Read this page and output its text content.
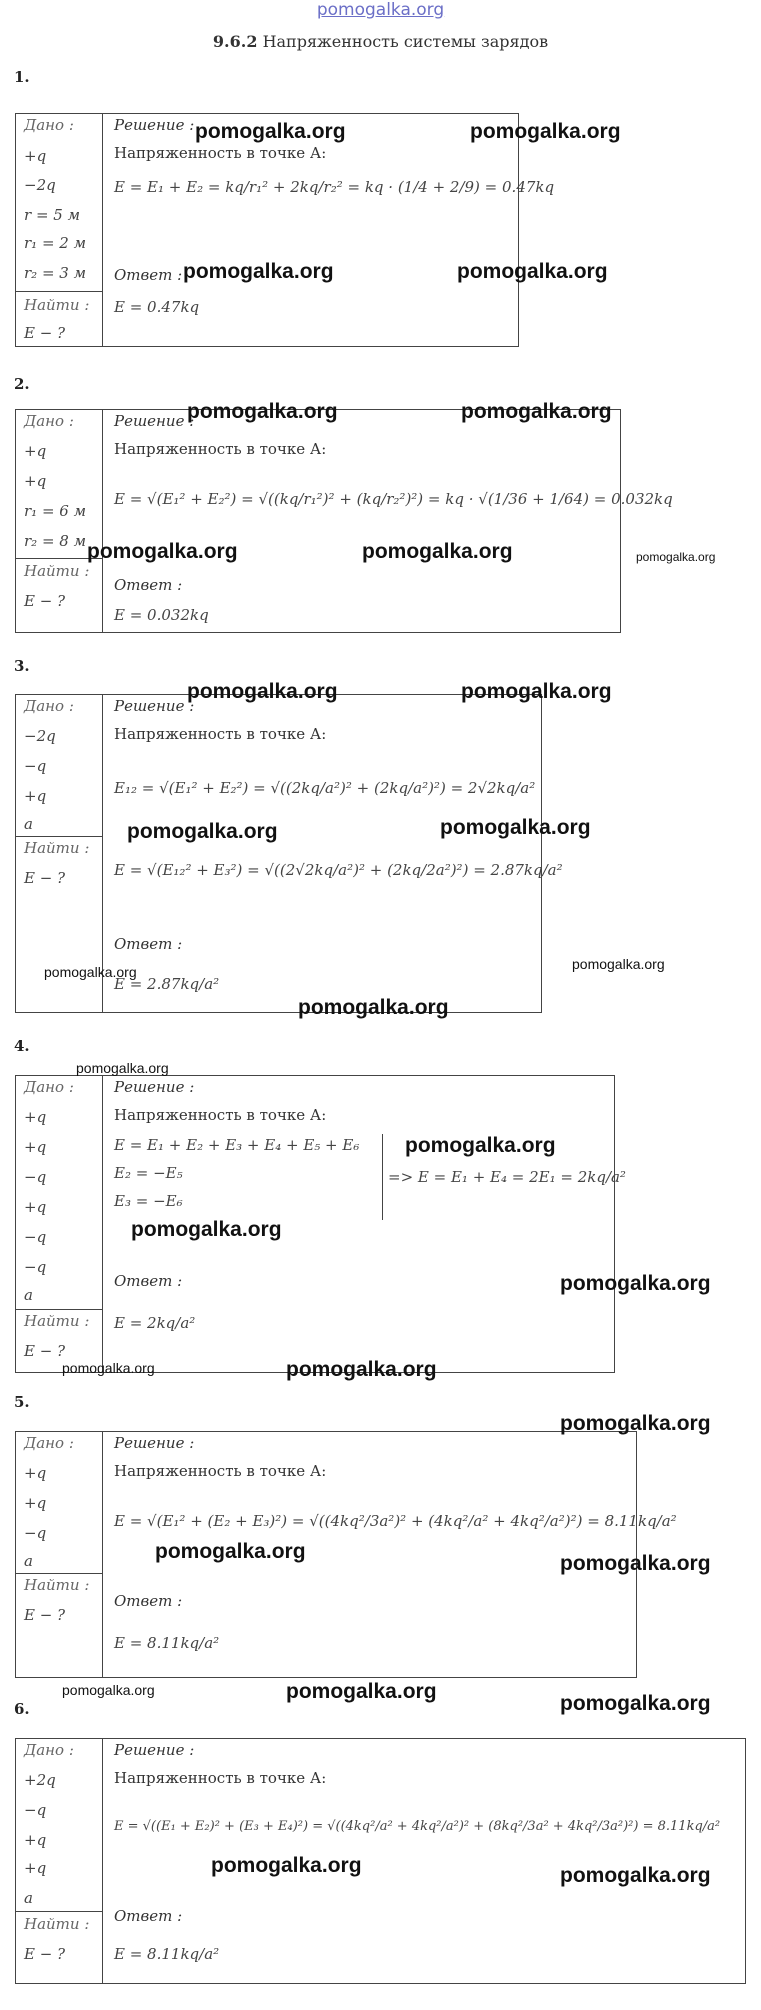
pomogalka.org
9.6.2 Напряженность системы зарядов
1.
Дано :
+q
−2q
r = 5 м
r₁ = 2 м
r₂ = 3 м
Найти :
E − ?
Решение :
Напряженность в точке А:
E = E₁ + E₂ = kq/r₁² + 2kq/r₂² = kq · (1/4 + 2/9) = 0.47kq
Ответ :
E = 0.47kq
2.
Дано :
+q
+q
r₁ = 6 м
r₂ = 8 м
Найти :
E − ?
Решение :
Напряженность в точке А:
E = √(E₁² + E₂²) = √((kq/r₁²)² + (kq/r₂²)²) = kq · √(1/36 + 1/64) = 0.032kq
Ответ :
E = 0.032kq
3.
Дано :
−2q
−q
+q
a
Найти :
E − ?
Решение :
Напряженность в точке А:
E₁₂ = √(E₁² + E₂²) = √((2kq/a²)² + (2kq/a²)²) = 2√2kq/a²
E = √(E₁₂² + E₃²) = √((2√2kq/a²)² + (2kq/2a²)²) = 2.87kq/a²
Ответ :
E = 2.87kq/a²
4.
Дано :
+q
+q
−q
+q
−q
−q
a
Найти :
E − ?
Решение :
Напряженность в точке А:
E = E₁ + E₂ + E₃ + E₄ + E₅ + E₆
E₂ = −E₅
E₃ = −E₆
=> E = E₁ + E₄ = 2E₁ = 2kq/a²
Ответ :
E = 2kq/a²
5.
Дано :
+q
+q
−q
a
Найти :
E − ?
Решение :
Напряженность в точке А:
E = √(E₁² + (E₂ + E₃)²) = √((4kq²/3a²)² + (4kq²/a² + 4kq²/a²)²) = 8.11kq/a²
Ответ :
E = 8.11kq/a²
6.
Дано :
+2q
−q
+q
+q
a
Найти :
E − ?
Решение :
Напряженность в точке А:
E = √((E₁ + E₂)² + (E₃ + E₄)²) = √((4kq²/a² + 4kq²/a²)² + (8kq²/3a² + 4kq²/3a²)²) = 8.11kq/a²
Ответ :
E = 8.11kq/a²
pomogalka.org	pomogalka.org
pomogalka.org	pomogalka.org
pomogalka.org	pomogalka.org
pomogalka.org	pomogalka.org	pomogalka.org
pomogalka.org	pomogalka.org
pomogalka.org	pomogalka.org
pomogalka.org	pomogalka.org
pomogalka.org
pomogalka.org
pomogalka.org
pomogalka.org
pomogalka.org
pomogalka.org	pomogalka.org
pomogalka.org
pomogalka.org
pomogalka.org
pomogalka.org	pomogalka.org
pomogalka.org
pomogalka.org	pomogalka.org
